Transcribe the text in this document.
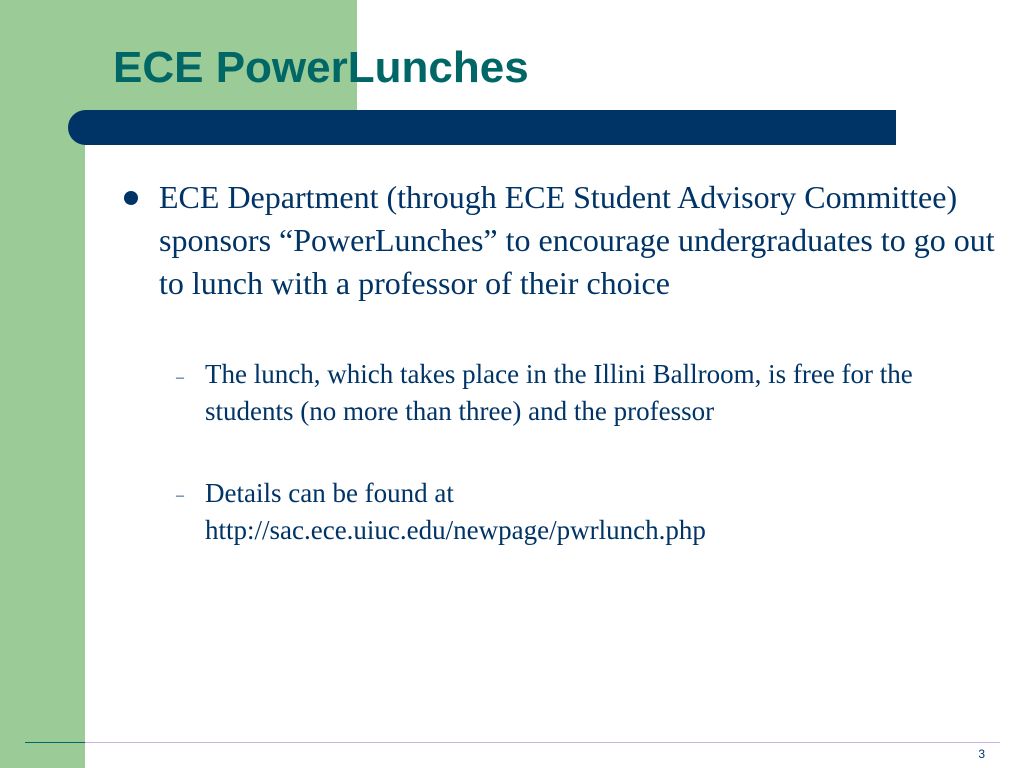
ECE PowerLunches
ECE Department (through ECE Student Advisory Committee) sponsors “PowerLunches” to encourage undergraduates to go out to lunch with a professor of their choice
– The lunch, which takes place in the Illini Ballroom, is free for the students (no more than three) and the professor
– Details can be found at http://sac.ece.uiuc.edu/newpage/pwrlunch.php
3
